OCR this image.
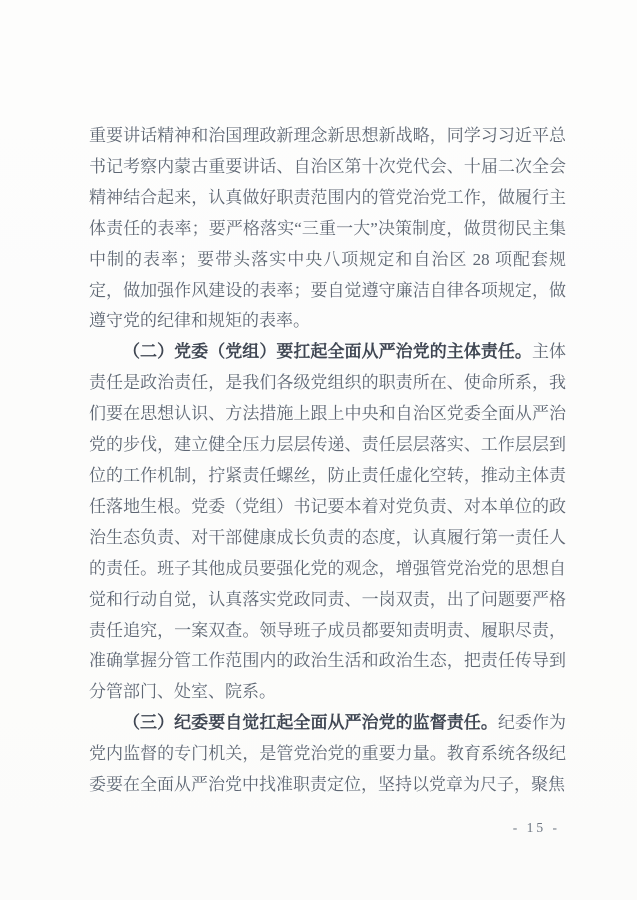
重要讲话精神和治国理政新理念新思想新战略，同学习习近平总书记考察内蒙古重要讲话、自治区第十次党代会、十届二次全会精神结合起来，认真做好职责范围内的管党治党工作，做履行主体责任的表率；要严格落实“三重一大”决策制度，做贯彻民主集中制的表率；要带头落实中央八项规定和自治区 28 项配套规定，做加强作风建设的表率；要自觉遵守廉洁自律各项规定，做遵守党的纪律和规矩的表率。

（二）党委（党组）要扛起全面从严治党的主体责任。主体责任是政治责任，是我们各级党组织的职责所在、使命所系，我们要在思想认识、方法措施上跟上中央和自治区党委全面从严治党的步伐，建立健全压力层层传递、责任层层落实、工作层层到位的工作机制，拧紧责任螺丝，防止责任虚化空转，推动主体责任落地生根。党委（党组）书记要本着对党负责、对本单位的政治生态负责、对干部健康成长负责的态度，认真履行第一责任人的责任。班子其他成员要强化党的观念，增强管党治党的思想自觉和行动自觉，认真落实党政同责、一岗双责，出了问题要严格责任追究，一案双查。领导班子成员都要知责明责、履职尽责，准确掌握分管工作范围内的政治生活和政治生态，把责任传导到分管部门、处室、院系。

（三）纪委要自觉扛起全面从严治党的监督责任。纪委作为党内监督的专门机关，是管党治党的重要力量。教育系统各级纪委要在全面从严治党中找准职责定位，坚持以党章为尺子，聚焦

- 15 -
